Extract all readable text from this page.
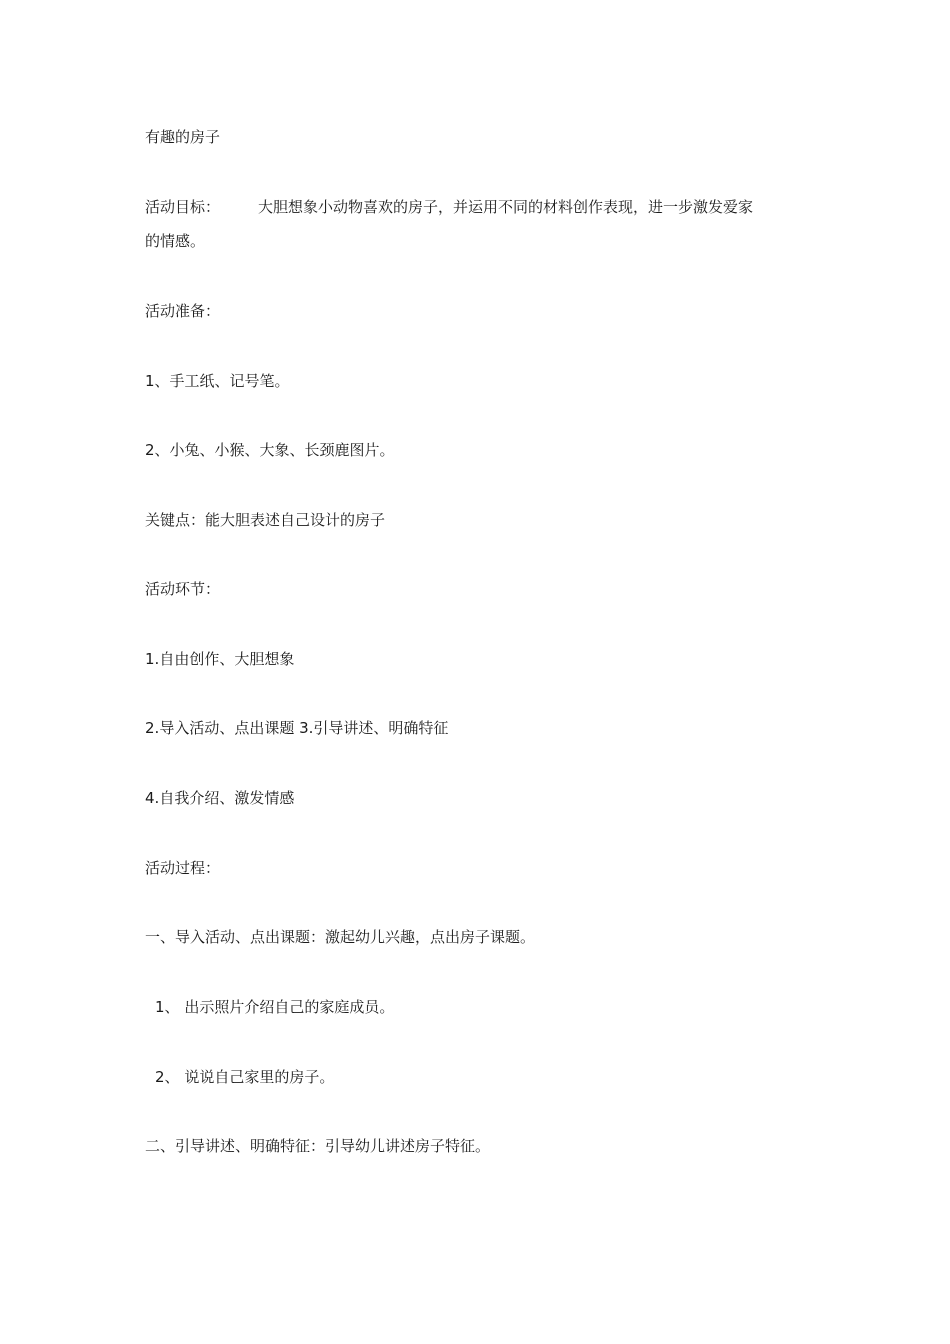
有趣的房子
活动目标：	大胆想象小动物喜欢的房子，并运用不同的材料创作表现，进一步激发爱家
的情感。
活动准备：
1、手工纸、记号笔。
2、小兔、小猴、大象、长颈鹿图片。
关键点：能大胆表述自己设计的房子
活动环节：
1.自由创作、大胆想象
2.导入活动、点出课题 3.引导讲述、明确特征
4.自我介绍、激发情感
活动过程：
一、导入活动、点出课题：激起幼儿兴趣，点出房子课题。
1、 出示照片介绍自己的家庭成员。
2、 说说自己家里的房子。
二、引导讲述、明确特征：引导幼儿讲述房子特征。
